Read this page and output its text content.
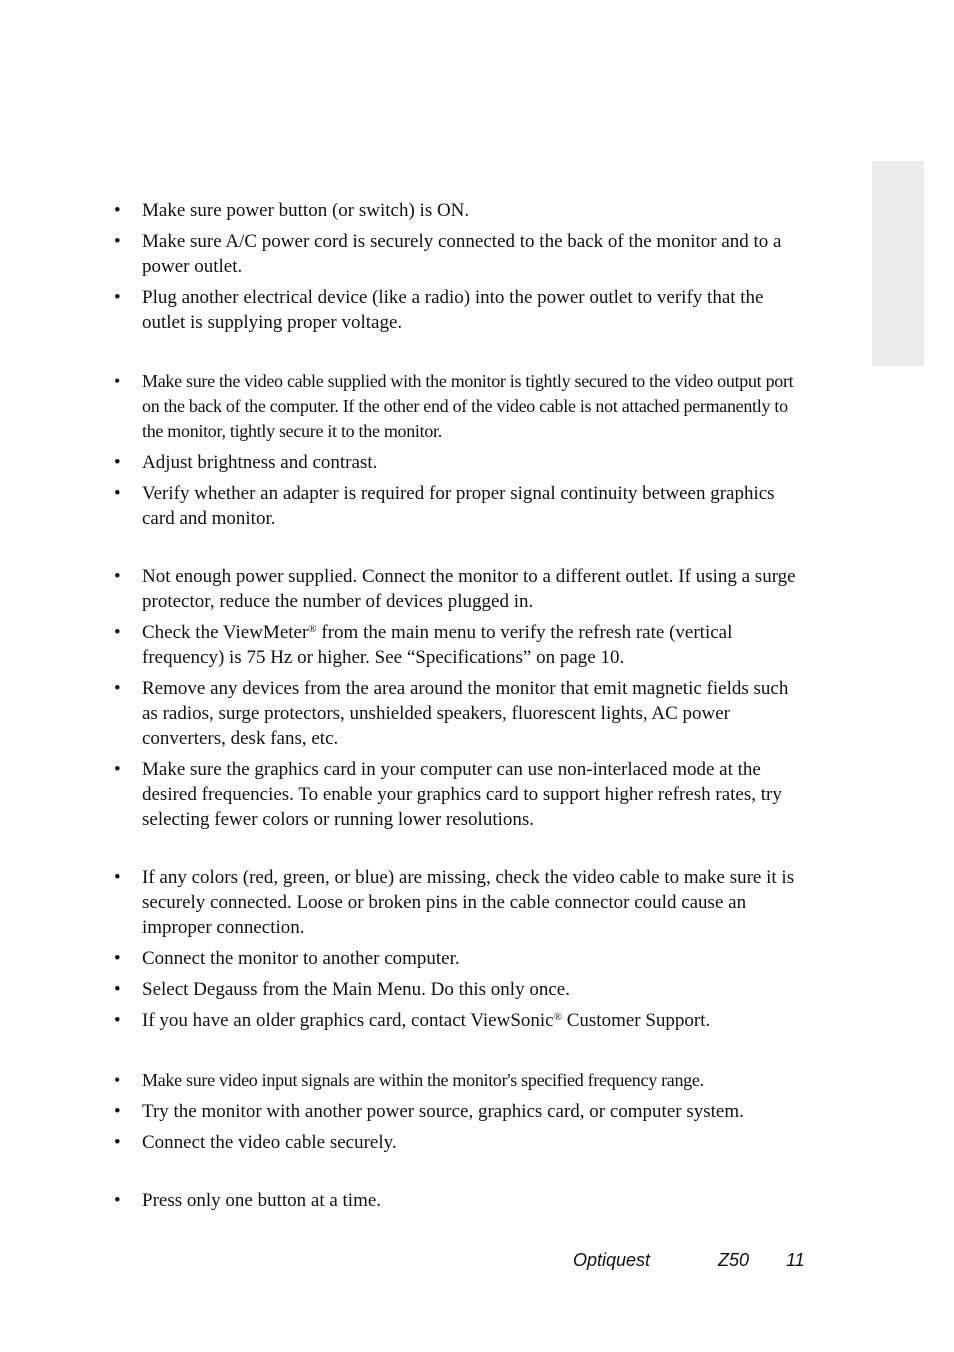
•	Make sure power button (or switch) is ON.
•	Make sure A/C power cord is securely connected to the back of the monitor and to a power outlet.
•	Plug another electrical device (like a radio) into the power outlet to verify that the outlet is supplying proper voltage.
•	Make sure the video cable supplied with the monitor is tightly secured to the video output port on the back of the computer. If the other end of the video cable is not attached permanently to the monitor, tightly secure it to the monitor.
•	Adjust brightness and contrast.
•	Verify whether an adapter is required for proper signal continuity between graphics card and monitor.
•	Not enough power supplied. Connect the monitor to a different outlet. If using a surge protector, reduce the number of devices plugged in.
•	Check the ViewMeter® from the main menu to verify the refresh rate (vertical frequency) is 75 Hz or higher. See “Specifications” on page 10.
•	Remove any devices from the area around the monitor that emit magnetic fields such as radios, surge protectors, unshielded speakers, fluorescent lights, AC power converters, desk fans, etc.
•	Make sure the graphics card in your computer can use non-interlaced mode at the desired frequencies. To enable your graphics card to support higher refresh rates, try selecting fewer colors or running lower resolutions.
•	If any colors (red, green, or blue) are missing, check the video cable to make sure it is securely connected. Loose or broken pins in the cable connector could cause an improper connection.
•	Connect the monitor to another computer.
•	Select Degauss from the Main Menu. Do this only once.
•	If you have an older graphics card, contact ViewSonic® Customer Support.
•	Make sure video input signals are within the monitor's specified frequency range.
•	Try the monitor with another power source, graphics card, or computer system.
•	Connect the video cable securely.
•	Press only one button at a time.
Optiquest	Z50 11
